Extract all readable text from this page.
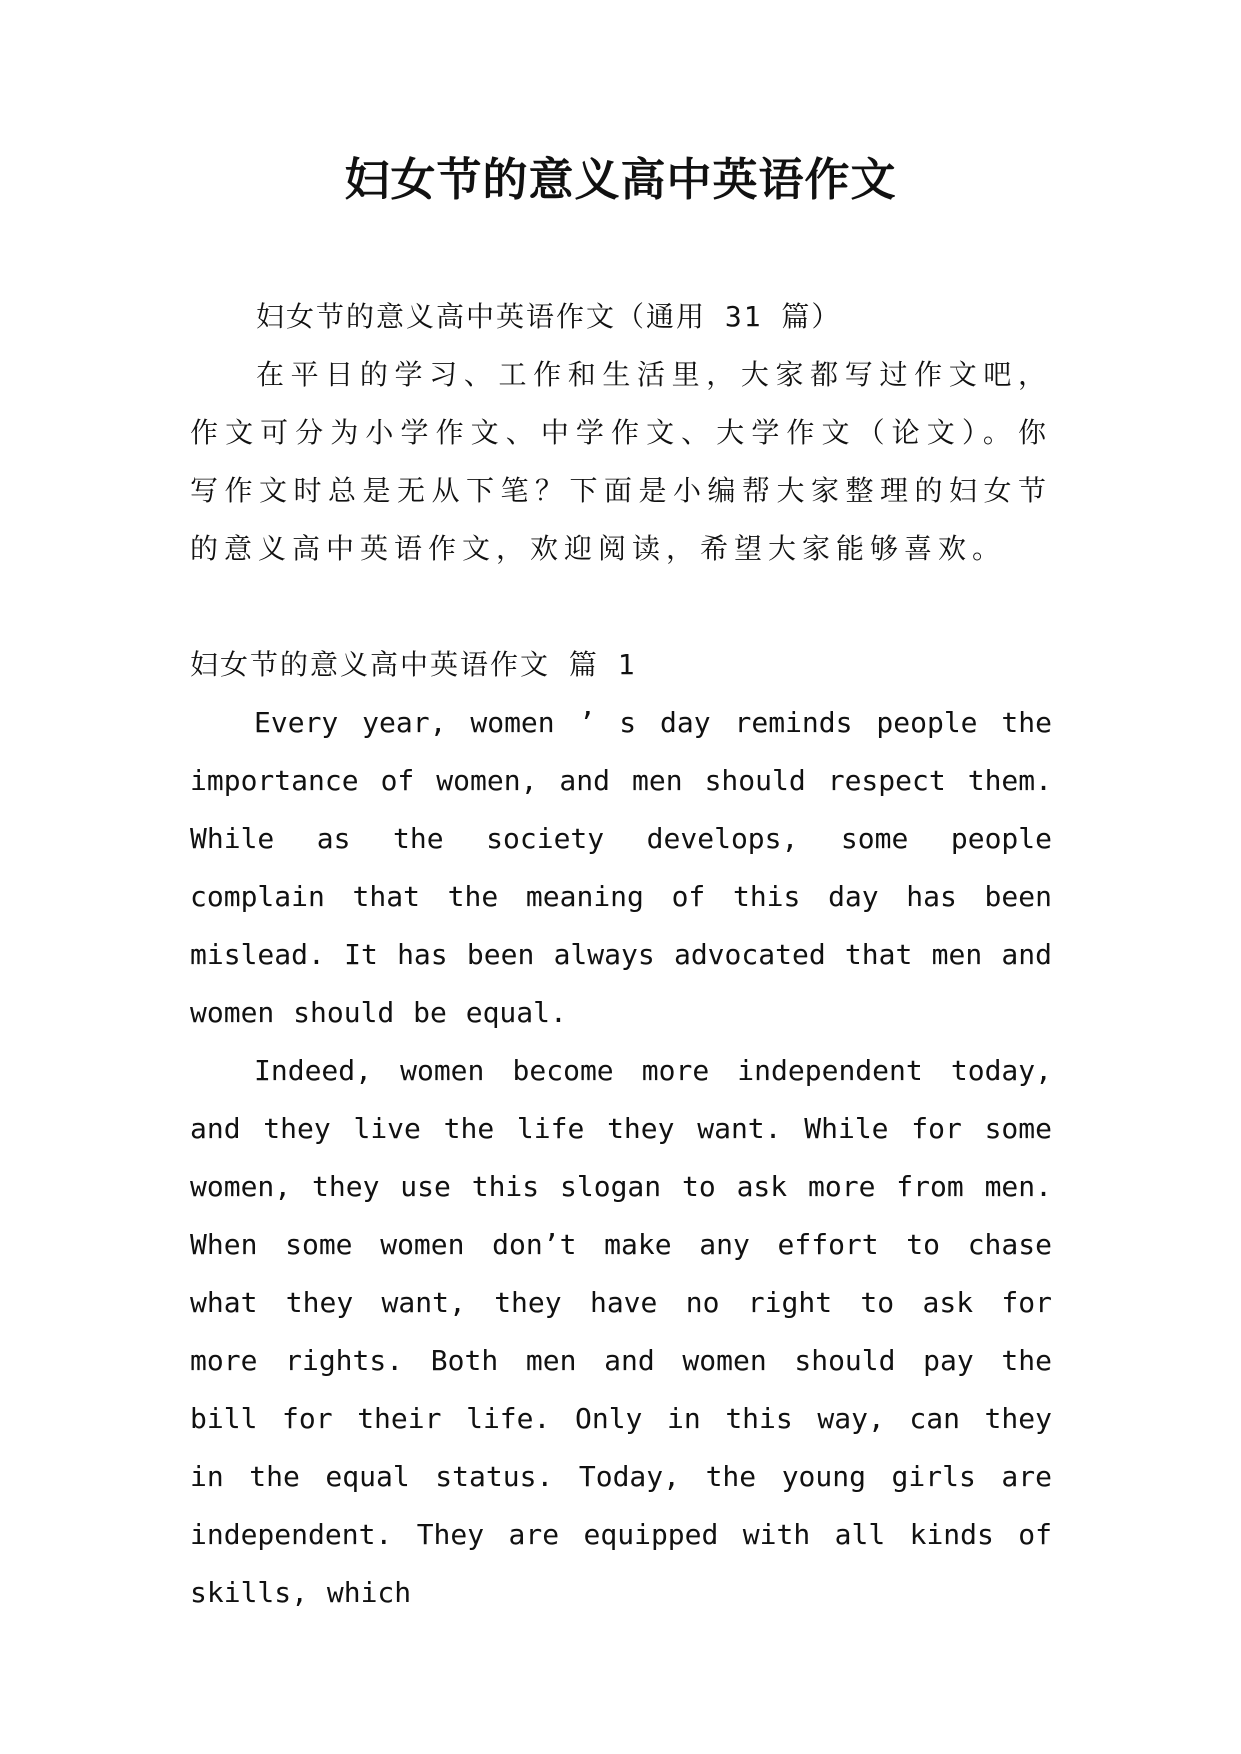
妇女节的意义高中英语作文

妇女节的意义高中英语作文（通用 31 篇）

在平日的学习、工作和生活里，大家都写过作文吧，作文可分为小学作文、中学作文、大学作文（论文）。你写作文时总是无从下笔？下面是小编帮大家整理的妇女节的意义高中英语作文，欢迎阅读，希望大家能够喜欢。

妇女节的意义高中英语作文 篇 1

Every year, women ’ s day reminds people the importance of women, and men should respect them. While as the society develops, some people complain that the meaning of this day has been mislead. It has been always advocated that men and women should be equal.

Indeed, women become more independent today, and they live the life they want. While for some women, they use this slogan to ask more from men. When some women don’t make any effort to chase what they want, they have no right to ask for more rights. Both men and women should pay the bill for their life. Only in this way, can they in the equal status. Today, the young girls are independent. They are equipped with all kinds of skills, which
